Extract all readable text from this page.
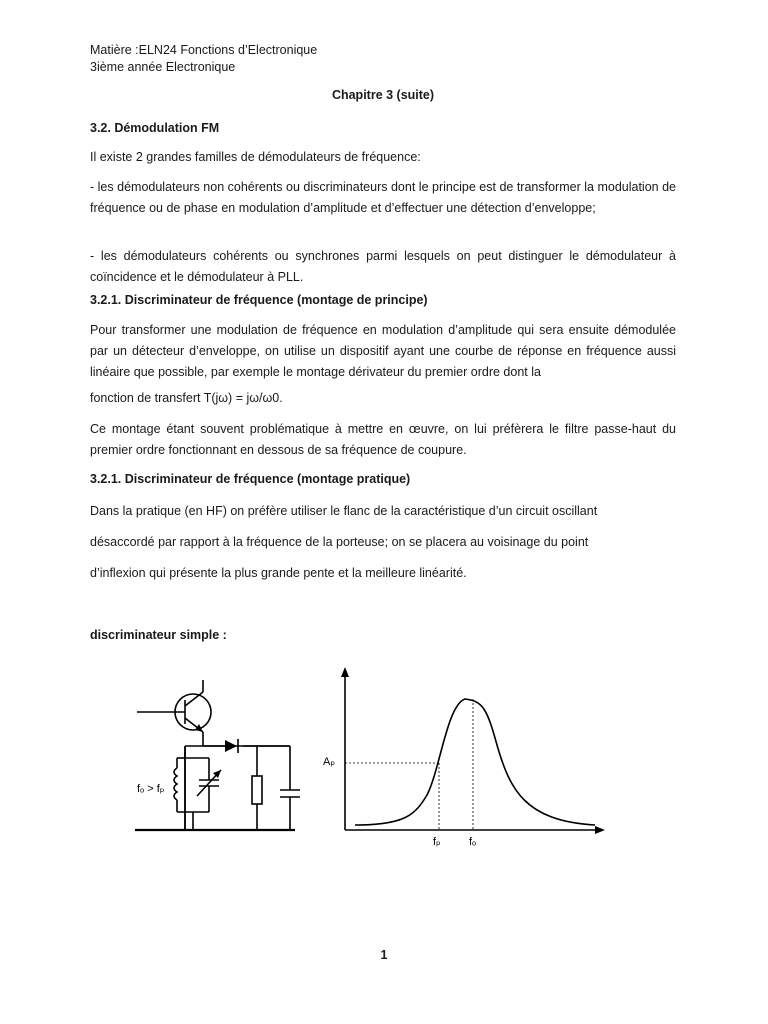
Matière :ELN24 Fonctions d’Electronique
3ième année Electronique
Chapitre 3 (suite)
3.2. Démodulation FM
Il existe 2 grandes familles de démodulateurs de fréquence:
- les démodulateurs non cohérents ou discriminateurs dont le principe est de transformer la modulation de fréquence ou de phase en modulation d’amplitude et d’effectuer une détection d’enveloppe;
- les démodulateurs cohérents ou synchrones parmi lesquels on peut distinguer le démodulateur à coïncidence et le démodulateur à PLL.
3.2.1. Discriminateur de fréquence (montage de principe)
Pour transformer une modulation de fréquence en modulation d’amplitude qui sera ensuite démodulée par un détecteur d’enveloppe, on utilise un dispositif ayant une courbe de réponse en fréquence aussi linéaire que possible, par exemple le montage dérivateur du premier ordre dont la
fonction de transfert T(jω) = jω/ω0.
Ce montage étant souvent problématique à mettre en œuvre, on lui préfèrera le filtre passe-haut du premier ordre fonctionnant en dessous de sa fréquence de coupure.
3.2.1. Discriminateur de fréquence (montage pratique)
Dans la pratique (en HF) on préfère utiliser le flanc de la caractéristique d’un circuit oscillant
désaccordé par rapport à la fréquence de la porteuse; on se placera au voisinage du point
d’inflexion qui présente la plus grande pente et la meilleure linéarité.
discriminateur simple :
fₒ > fₚ
Aₚ
fₚ	fₒ
1
